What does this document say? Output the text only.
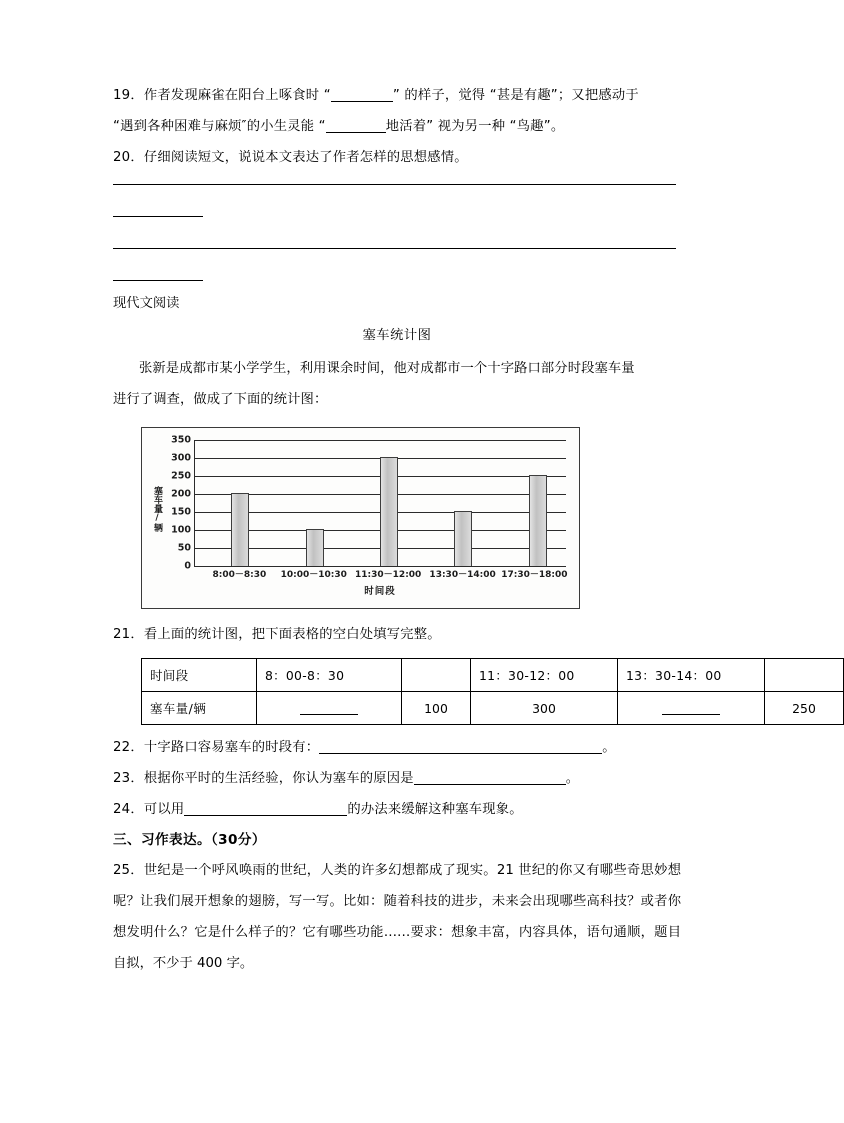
19．作者发现麻雀在阳台上啄食时 “	” 的样子，觉得 “甚是有趣”；又把感动于
“遇到各种困难与麻烦″的小生灵能 “	地活着” 视为另一种 “鸟趣”。
20．仔细阅读短文，说说本文表达了作者怎样的思想感情。
现代文阅读
塞车统计图
张新是成都市某小学学生，利用课余时间，他对成都市一个十字路口部分时段塞车量
进行了调查，做成了下面的统计图：
塞车量/辆
0
50
100
150
200
250
300
350
8:00－8:30 10:00－10:30 11:30－12:00 13:30－14:00 17:30－18:00
时间段
21．看上面的统计图，把下面表格的空白处填写完整。
时间段	8：00-8：30		11：30-12：00	13：30-14：00	
塞车量/辆		100	300		250
22．十字路口容易塞车的时段有：	。
23．根据你平时的生活经验，你认为塞车的原因是	。
24．可以用	的办法来缓解这种塞车现象。
三、习作表达。（30分）
25．世纪是一个呼风唤雨的世纪，人类的许多幻想都成了现实。21 世纪的你又有哪些奇思妙想呢？让我们展开想象的翅膀，写一写。比如：随着科技的进步，未来会出现哪些高科技？或者你想发明什么？它是什么样子的？它有哪些功能……要求：想象丰富，内容具体，语句通顺，题目自拟，不少于 400 字。
